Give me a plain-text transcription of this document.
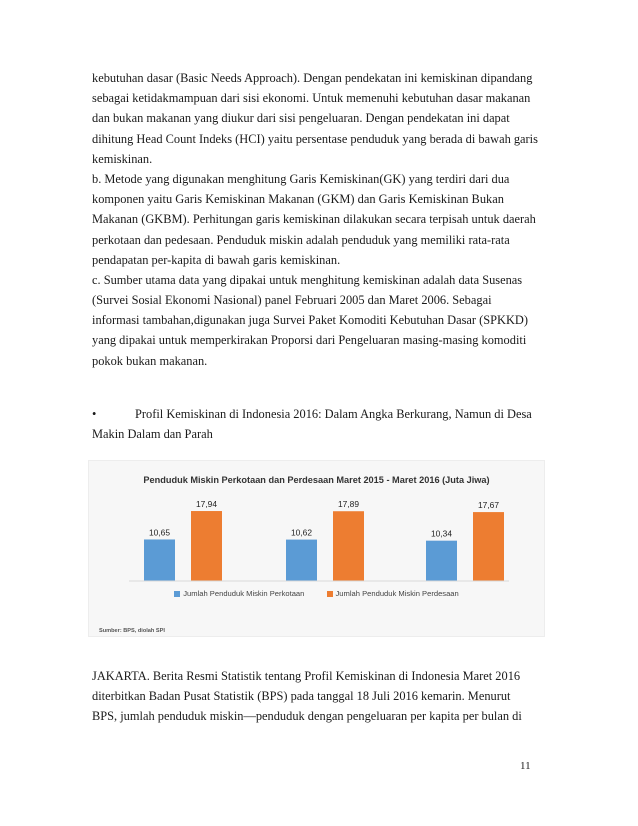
kebutuhan dasar (Basic Needs Approach). Dengan pendekatan ini kemiskinan dipandang
sebagai ketidakmampuan dari sisi ekonomi. Untuk memenuhi kebutuhan dasar makanan
dan bukan makanan yang diukur dari sisi pengeluaran. Dengan pendekatan ini dapat
dihitung Head Count Indeks (HCI) yaitu persentase penduduk yang berada di bawah garis
kemiskinan.
b. Metode yang digunakan menghitung Garis Kemiskinan(GK) yang terdiri dari dua
komponen yaitu Garis Kemiskinan Makanan (GKM) dan Garis Kemiskinan Bukan
Makanan (GKBM). Perhitungan garis kemiskinan dilakukan secara terpisah untuk daerah
perkotaan dan pedesaan. Penduduk miskin adalah penduduk yang memiliki rata-rata
pendapatan per-kapita di bawah garis kemiskinan.
c. Sumber utama data yang dipakai untuk menghitung kemiskinan adalah data Susenas
(Survei Sosial Ekonomi Nasional) panel Februari 2005 dan Maret 2006. Sebagai
informasi tambahan,digunakan juga Survei Paket Komoditi Kebutuhan Dasar (SPKKD)
yang dipakai untuk memperkirakan Proporsi dari Pengeluaran masing-masing komoditi
pokok bukan makanan.
•	Profil Kemiskinan di Indonesia 2016: Dalam Angka Berkurang, Namun di Desa
Makin Dalam dan Parah
Penduduk Miskin Perkotaan dan Perdesaan Maret 2015 - Maret 2016 (Juta Jiwa)
10,65	10,62	10,34
17,94	17,89	17,67
Jumlah Penduduk Miskin Perkotaan	Jumlah Penduduk Miskin Perdesaan
Sumber: BPS, diolah SPI
JAKARTA. Berita Resmi Statistik tentang Profil Kemiskinan di Indonesia Maret 2016
diterbitkan Badan Pusat Statistik (BPS) pada tanggal 18 Juli 2016 kemarin. Menurut
BPS, jumlah penduduk miskin—penduduk dengan pengeluaran per kapita per bulan di
11
